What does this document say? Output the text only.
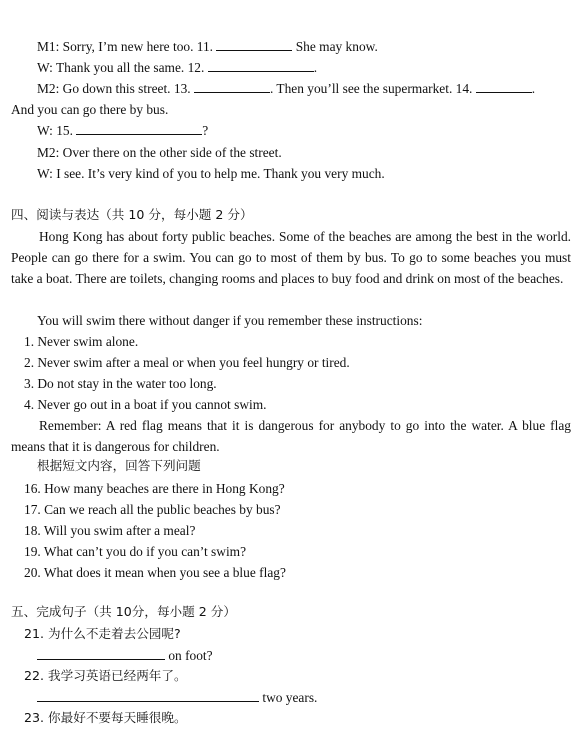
M1: Sorry, I’m new here too. 11.	She may know.
W: Thank you all the same. 12.	.
M2: Go down this street. 13.	. Then you’ll see the supermarket. 14.	.
And you can go there by bus.
W: 15.	?
M2: Over there on the other side of the street.
W: I see. It’s very kind of you to help me. Thank you very much.
四、阅读与表达（共 10 分，每小题 2 分）
Hong Kong has about forty public beaches. Some of the beaches are among the best in the world. People can go there for a swim. You can go to most of them by bus. To go to some beaches you must take a boat. There are toilets, changing rooms and places to buy food and drink on most of the beaches.
You will swim there without danger if you remember these instructions:
1. Never swim alone.
2. Never swim after a meal or when you feel hungry or tired.
3. Do not stay in the water too long.
4. Never go out in a boat if you cannot swim.
Remember: A red flag means that it is dangerous for anybody to go into the water. A blue flag means that it is dangerous for children.
根据短文内容，回答下列问题
16. How many beaches are there in Hong Kong?
17. Can we reach all the public beaches by bus?
18. Will you swim after a meal?
19. What can’t you do if you can’t swim?
20. What does it mean when you see a blue flag?
五、完成句子（共 10分，每小题 2 分）
21. 为什么不走着去公园呢?
on foot?
22. 我学习英语已经两年了。
two years.
23. 你最好不要每天睡很晚。
